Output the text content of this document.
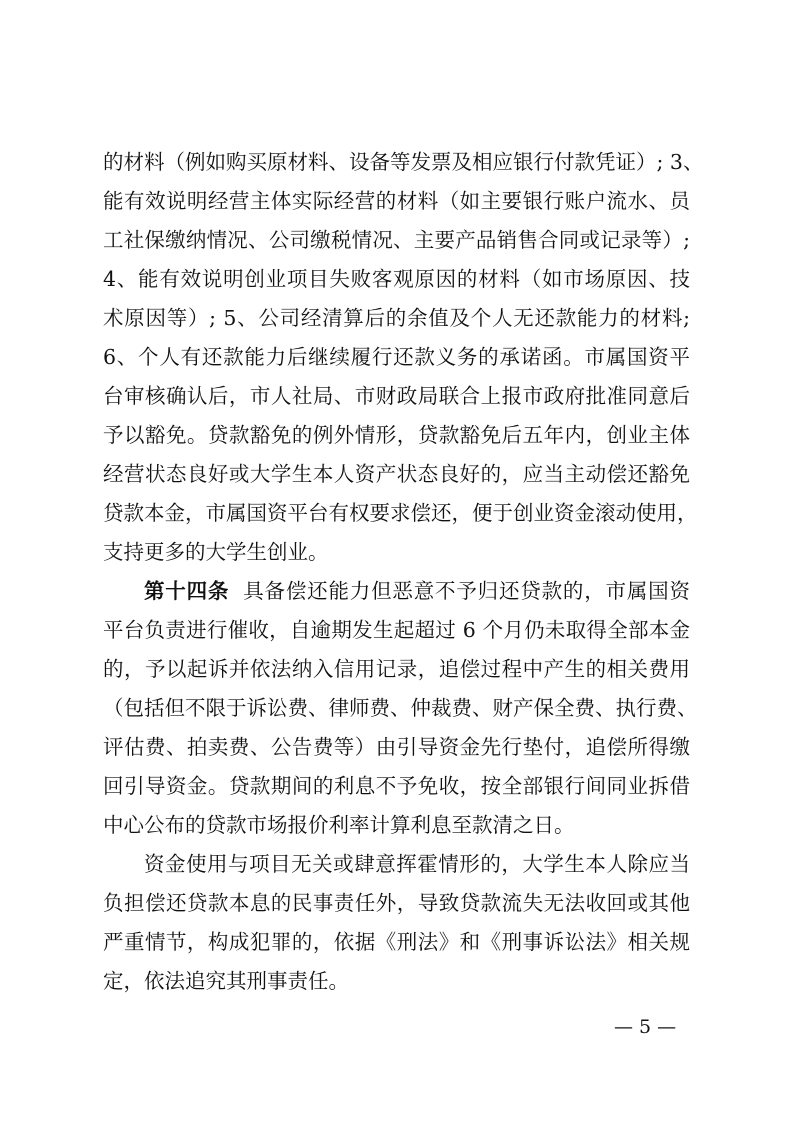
的材料（例如购买原材料、设备等发票及相应银行付款凭证）; 3、
能有效说明经营主体实际经营的材料（如主要银行账户流水、员
工社保缴纳情况、公司缴税情况、主要产品销售合同或记录等）;
4、能有效说明创业项目失败客观原因的材料（如市场原因、技
术原因等）; 5、公司经清算后的余值及个人无还款能力的材料;
6、个人有还款能力后继续履行还款义务的承诺函。市属国资平
台审核确认后，市人社局、市财政局联合上报市政府批准同意后
予以豁免。贷款豁免的例外情形，贷款豁免后五年内，创业主体
经营状态良好或大学生本人资产状态良好的，应当主动偿还豁免
贷款本金，市属国资平台有权要求偿还，便于创业资金滚动使用，
支持更多的大学生创业。
第十四条 具备偿还能力但恶意不予归还贷款的，市属国资
平台负责进行催收，自逾期发生起超过 6 个月仍未取得全部本金
的，予以起诉并依法纳入信用记录，追偿过程中产生的相关费用
（包括但不限于诉讼费、律师费、仲裁费、财产保全费、执行费、
评估费、拍卖费、公告费等）由引导资金先行垫付，追偿所得缴
回引导资金。贷款期间的利息不予免收，按全部银行间同业拆借
中心公布的贷款市场报价利率计算利息至款清之日。
资金使用与项目无关或肆意挥霍情形的，大学生本人除应当
负担偿还贷款本息的民事责任外，导致贷款流失无法收回或其他
严重情节，构成犯罪的，依据《刑法》和《刑事诉讼法》相关规
定，依法追究其刑事责任。
— 5 —
